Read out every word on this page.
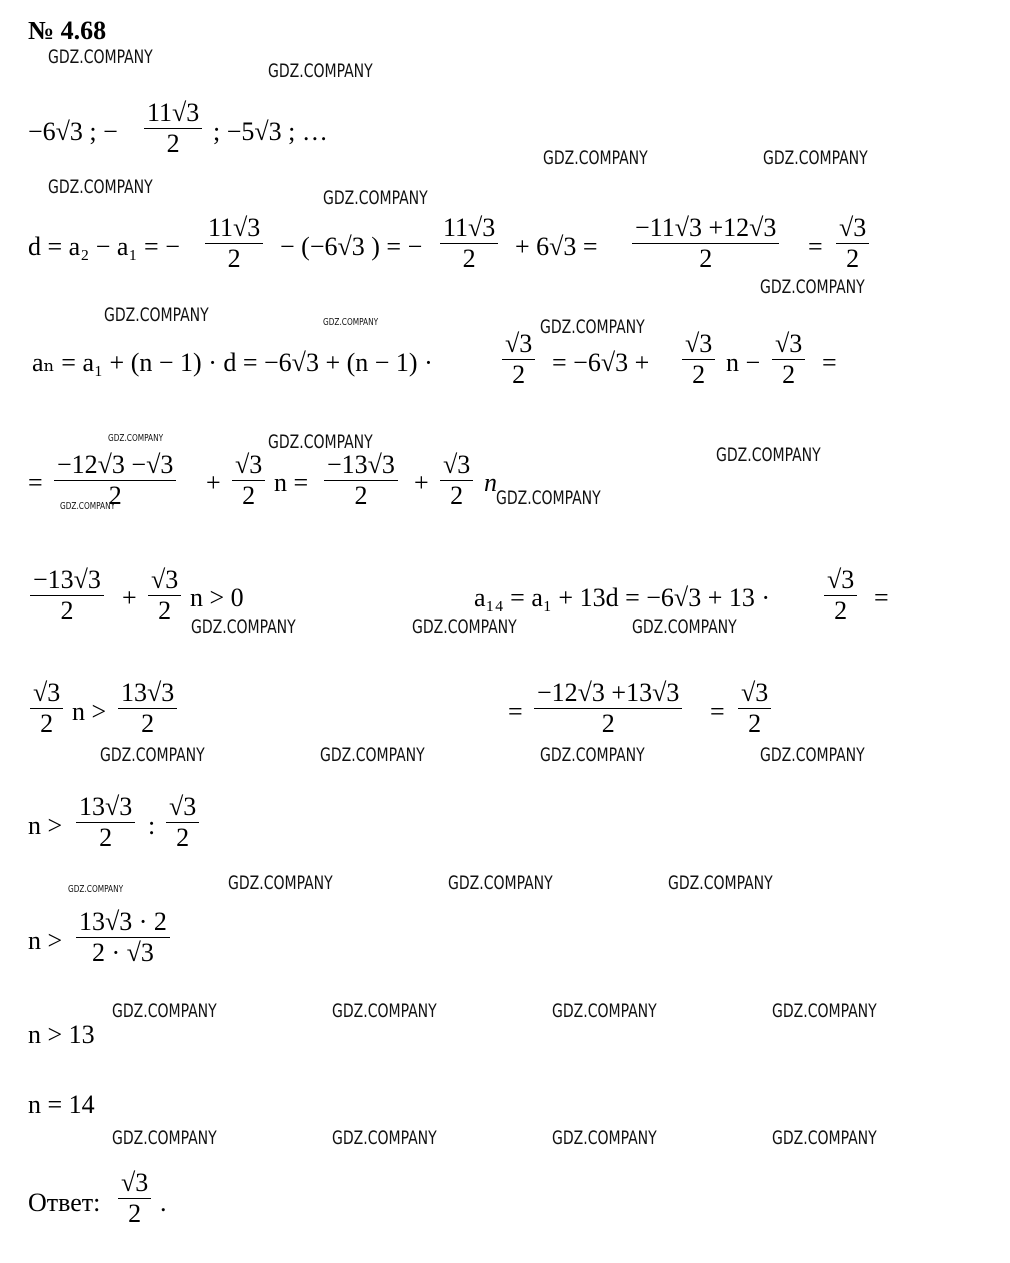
№ 4.68
GDZ.COMPANY
GDZ.COMPANY
GDZ.COMPANY	GDZ.COMPANY
GDZ.COMPANY	GDZ.COMPANY
GDZ.COMPANY
GDZ.COMPANY	GDZ.COMPANY	GDZ.COMPANY
GDZ.COMPANY	GDZ.COMPANY
GDZ.COMPANY
GDZ.COMPANY	GDZ.COMPANY
GDZ.COMPANY	GDZ.COMPANY	GDZ.COMPANY
GDZ.COMPANY	GDZ.COMPANY	GDZ.COMPANY	GDZ.COMPANY
GDZ.COMPANY	GDZ.COMPANY	GDZ.COMPANY	GDZ.COMPANY
GDZ.COMPANY	GDZ.COMPANY	GDZ.COMPANY	GDZ.COMPANY
GDZ.COMPANY	GDZ.COMPANY	GDZ.COMPANY	GDZ.COMPANY
−6√3 ; − $\frac{11√3}{2}$ ; −5√3 ; …
d = a₂ − a₁ = − $\frac{11√3}{2} - (-6√3$ ) = − $\frac{11√3}{2} + 6√3 = \frac{-11√3 +12√3}{2} = \frac{√3}{2}$
aₙ = a₁ + (n − 1) · d = −6√3 + (n − 1) ·	$\frac{√3}{2} = -6√3 + \frac{√3}{2}$ $n - \frac{√3}{2}$ =
= $\frac{-12√3 -√3}{2} + \frac{√3}{2}$ $n = \frac{-13√3}{2} + \frac{√3}{2}$ n
$\frac{-13√3}{2} + \frac{√3}{2}$ n > 0	$a_{14} = a_1 + 13d = -6√3 + 13 \cdot \frac{√3}{2}$ =
$\frac{√3}{2}$ $n > \frac{13√3}{2}$	= $\frac{-12√3 +13√3}{2} = \frac{√3}{2}$
$n > \frac{13√3}{2}$ : $\frac{√3}{2}$
$n > \frac{13√3 \cdot 2}{2 \cdot √3}$
n > 13
n = 14
Ответ: $\frac{√3}{2}$ .
